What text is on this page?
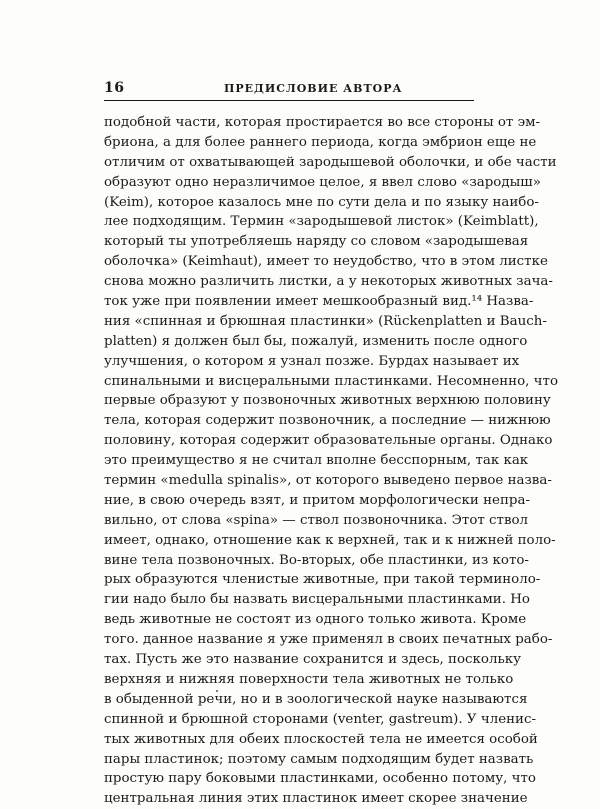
16	ПРЕДИСЛОВИЕ АВТОРА
подобной части, которая простирается во все стороны от эм-
бриона, а для более раннего периода, когда эмбрион еще не
отличим от охватывающей зародышевой оболочки, и обе части
образуют одно неразличимое целое, я ввел слово «зародыш»
(Keim), которое казалось мне по сути дела и по языку наибо-
лее подходящим. Термин «зародышевой листок» (Keimblatt),
который ты употребляешь наряду со словом «зародышевая
оболочка» (Keimhaut), имеет то неудобство, что в этом листке
снова можно различить листки, а у некоторых животных зача-
ток уже при появлении имеет мешкообразный вид.¹⁴ Назва-
ния «спинная и брюшная пластинки» (Rückenplatten и Bauch-
platten) я должен был бы, пожалуй, изменить после одного
улучшения, о котором я узнал позже. Бурдах называет их
спинальными и висцеральными пластинками. Несомненно, что
первые образуют у позвоночных животных верхнюю половину
тела, которая содержит позвоночник, а последние — нижнюю
половину, которая содержит образовательные органы. Однако
это преимущество я не считал вполне бесспорным, так как
термин «medulla spinalis», от которого выведено первое назва-
ние, в свою очередь взят, и притом морфологически непра-
вильно, от слова «spina» — ствол позвоночника. Этот ствол
имеет, однако, отношение как к верхней, так и к нижней поло-
вине тела позвоночных. Во-вторых, обе пластинки, из кото-
рых образуются членистые животные, при такой терминоло-
гии надо было бы назвать висцеральными пластинками. Но
ведь животные не состоят из одного только живота. Кроме
того. данное название я уже применял в своих печатных рабо-
тах. Пусть же это название сохранится и здесь, поскольку
верхняя и нижняя поверхности тела животных не только
в обыденной речи, но и в зоологической науке называются
спинной и брюшной сторонами (venter, gastreum). У членис-
тых животных для обеих плоскостей тела не имеется особой
пары пластинок; поэтому самым подходящим будет назвать
простую пару боковыми пластинками, особенно потому, что
центральная линия этих пластинок имеет скорее значение
